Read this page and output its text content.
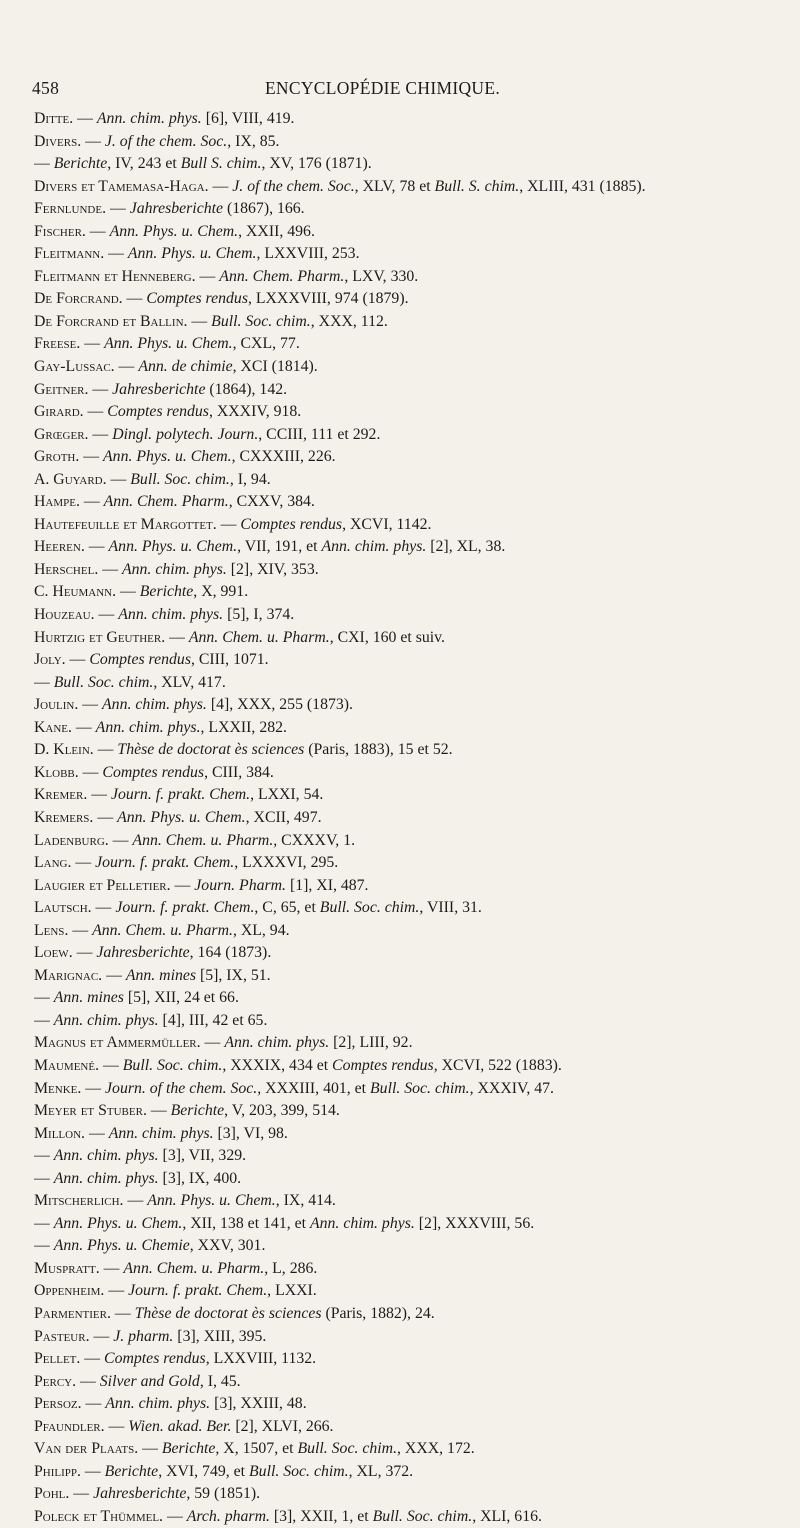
458	ENCYCLOPÉDIE CHIMIQUE.
Ditte. — Ann. chim. phys. [6], VIII, 419.
Divers. — J. of the chem. Soc., IX, 85.
— Berichte, IV, 243 et Bull S. chim., XV, 176 (1871).
Divers et Tamemasa-Haga. — J. of the chem. Soc., XLV, 78 et Bull. S. chim., XLIII, 431 (1885).
Fernlunde. — Jahresberichte (1867), 166.
Fischer. — Ann. Phys. u. Chem., XXII, 496.
Fleitmann. — Ann. Phys. u. Chem., LXXVIII, 253.
Fleitmann et Henneberg. — Ann. Chem. Pharm., LXV, 330.
De Forcrand. — Comptes rendus, LXXXVIII, 974 (1879).
De Forcrand et Ballin. — Bull. Soc. chim., XXX, 112.
Freese. — Ann. Phys. u. Chem., CXL, 77.
Gay-Lussac. — Ann. de chimie, XCI (1814).
Geitner. — Jahresberichte (1864), 142.
Girard. — Comptes rendus, XXXIV, 918.
Grœger. — Dingl. polytech. Journ., CCIII, 111 et 292.
Groth. — Ann. Phys. u. Chem., CXXXIII, 226.
A. Guyard. — Bull. Soc. chim., I, 94.
Hampe. — Ann. Chem. Pharm., CXXV, 384.
Hautefeuille et Margottet. — Comptes rendus, XCVI, 1142.
Heeren. — Ann. Phys. u. Chem., VII, 191, et Ann. chim. phys. [2], XL, 38.
Herschel. — Ann. chim. phys. [2], XIV, 353.
C. Heumann. — Berichte, X, 991.
Houzeau. — Ann. chim. phys. [5], I, 374.
Hurtzig et Geuther. — Ann. Chem. u. Pharm., CXI, 160 et suiv.
Joly. — Comptes rendus, CIII, 1071.
— Bull. Soc. chim., XLV, 417.
Joulin. — Ann. chim. phys. [4], XXX, 255 (1873).
Kane. — Ann. chim. phys., LXXII, 282.
D. Klein. — Thèse de doctorat ès sciences (Paris, 1883), 15 et 52.
Klobb. — Comptes rendus, CIII, 384.
Kremer. — Journ. f. prakt. Chem., LXXI, 54.
Kremers. — Ann. Phys. u. Chem., XCII, 497.
Ladenburg. — Ann. Chem. u. Pharm., CXXXV, 1.
Lang. — Journ. f. prakt. Chem., LXXXVI, 295.
Laugier et Pelletier. — Journ. Pharm. [1], XI, 487.
Lautsch. — Journ. f. prakt. Chem., C, 65, et Bull. Soc. chim., VIII, 31.
Lens. — Ann. Chem. u. Pharm., XL, 94.
Loew. — Jahresberichte, 164 (1873).
Marignac. — Ann. mines [5], IX, 51.
— Ann. mines [5], XII, 24 et 66.
— Ann. chim. phys. [4], III, 42 et 65.
Magnus et Ammermüller. — Ann. chim. phys. [2], LIII, 92.
Maumené. — Bull. Soc. chim., XXXIX, 434 et Comptes rendus, XCVI, 522 (1883).
Menke. — Journ. of the chem. Soc., XXXIII, 401, et Bull. Soc. chim., XXXIV, 47.
Meyer et Stuber. — Berichte, V, 203, 399, 514.
Millon. — Ann. chim. phys. [3], VI, 98.
— Ann. chim. phys. [3], VII, 329.
— Ann. chim. phys. [3], IX, 400.
Mitscherlich. — Ann. Phys. u. Chem., IX, 414.
— Ann. Phys. u. Chem., XII, 138 et 141, et Ann. chim. phys. [2], XXXVIII, 56.
— Ann. Phys. u. Chemie, XXV, 301.
Muspratt. — Ann. Chem. u. Pharm., L, 286.
Oppenheim. — Journ. f. prakt. Chem., LXXI.
Parmentier. — Thèse de doctorat ès sciences (Paris, 1882), 24.
Pasteur. — J. pharm. [3], XIII, 395.
Pellet. — Comptes rendus, LXXVIII, 1132.
Percy. — Silver and Gold, I, 45.
Persoz. — Ann. chim. phys. [3], XXIII, 48.
Pfaundler. — Wien. akad. Ber. [2], XLVI, 266.
Van der Plaats. — Berichte, X, 1507, et Bull. Soc. chim., XXX, 172.
Philipp. — Berichte, XVI, 749, et Bull. Soc. chim., XL, 372.
Pohl. — Jahresberichte, 59 (1851).
Poleck et Thümmel. — Arch. pharm. [3], XXII, 1, et Bull. Soc. chim., XLI, 616.
